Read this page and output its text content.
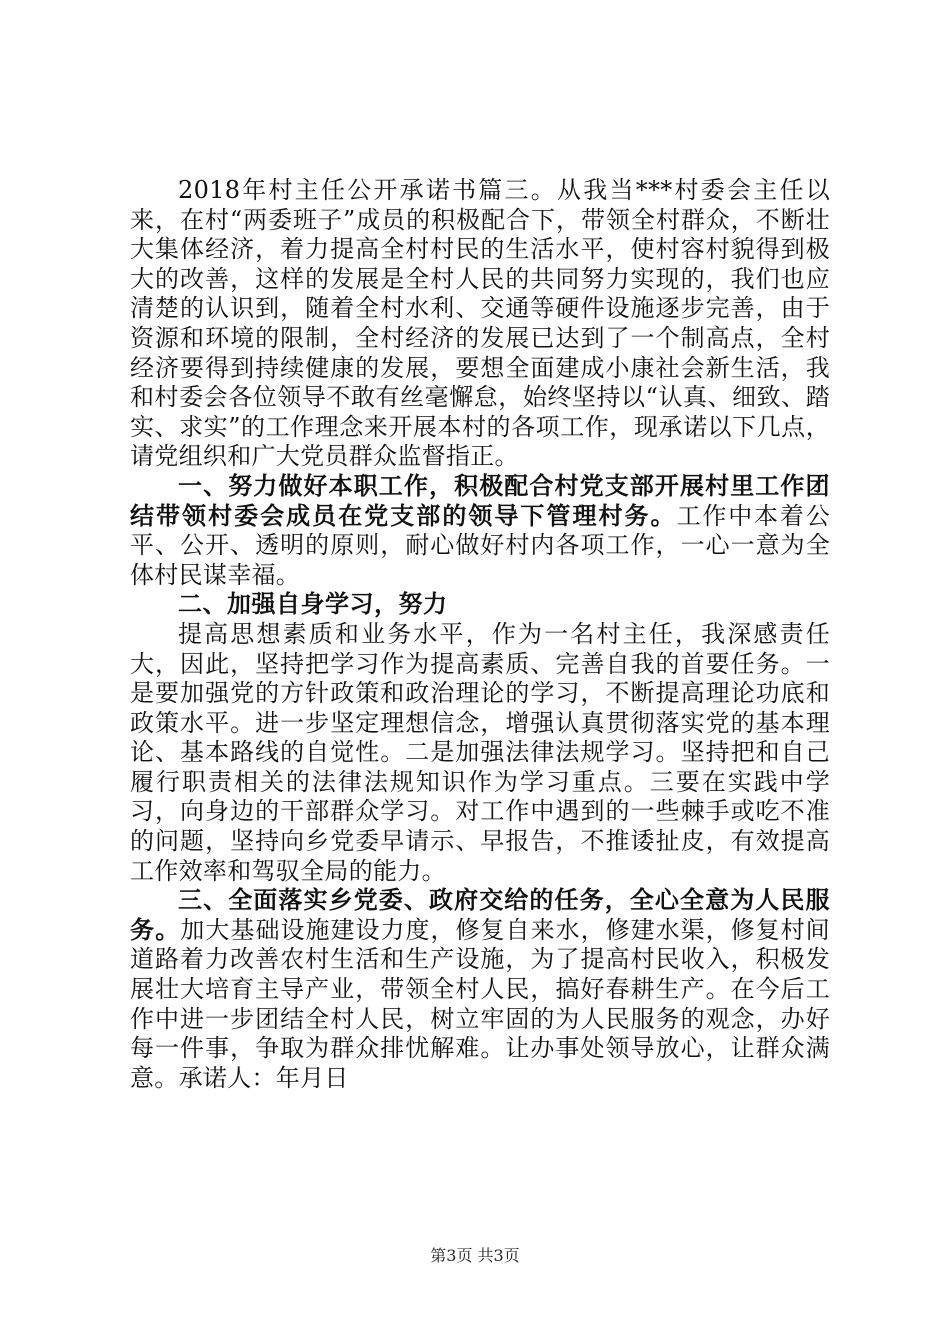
2018年村主任公开承诺书篇三。从我当***村委会主任以来，在村“两委班子”成员的积极配合下，带领全村群众，不断壮大集体经济，着力提高全村村民的生活水平，使村容村貌得到极大的改善，这样的发展是全村人民的共同努力实现的，我们也应清楚的认识到，随着全村水利、交通等硬件设施逐步完善，由于资源和环境的限制，全村经济的发展已达到了一个制高点，全村经济要得到持续健康的发展，要想全面建成小康社会新生活，我和村委会各位领导不敢有丝毫懈怠，始终坚持以“认真、细致、踏实、求实”的工作理念来开展本村的各项工作，现承诺以下几点，请党组织和广大党员群众监督指正。

一、努力做好本职工作，积极配合村党支部开展村里工作团结带领村委会成员在党支部的领导下管理村务。工作中本着公平、公开、透明的原则，耐心做好村内各项工作，一心一意为全体村民谋幸福。

二、加强自身学习，努力

提高思想素质和业务水平，作为一名村主任，我深感责任大，因此，坚持把学习作为提高素质、完善自我的首要任务。一是要加强党的方针政策和政治理论的学习，不断提高理论功底和政策水平。进一步坚定理想信念，增强认真贯彻落实党的基本理论、基本路线的自觉性。二是加强法律法规学习。坚持把和自己履行职责相关的法律法规知识作为学习重点。三要在实践中学习，向身边的干部群众学习。对工作中遇到的一些棘手或吃不准的问题，坚持向乡党委早请示、早报告，不推诿扯皮，有效提高工作效率和驾驭全局的能力。

三、全面落实乡党委、政府交给的任务，全心全意为人民服务。加大基础设施建设力度，修复自来水，修建水渠，修复村间道路着力改善农村生活和生产设施，为了提高村民收入，积极发展壮大培育主导产业，带领全村人民，搞好春耕生产。在今后工作中进一步团结全村人民，树立牢固的为人民服务的观念，办好每一件事，争取为群众排忧解难。让办事处领导放心，让群众满意。承诺人：年月日

第3页 共3页
